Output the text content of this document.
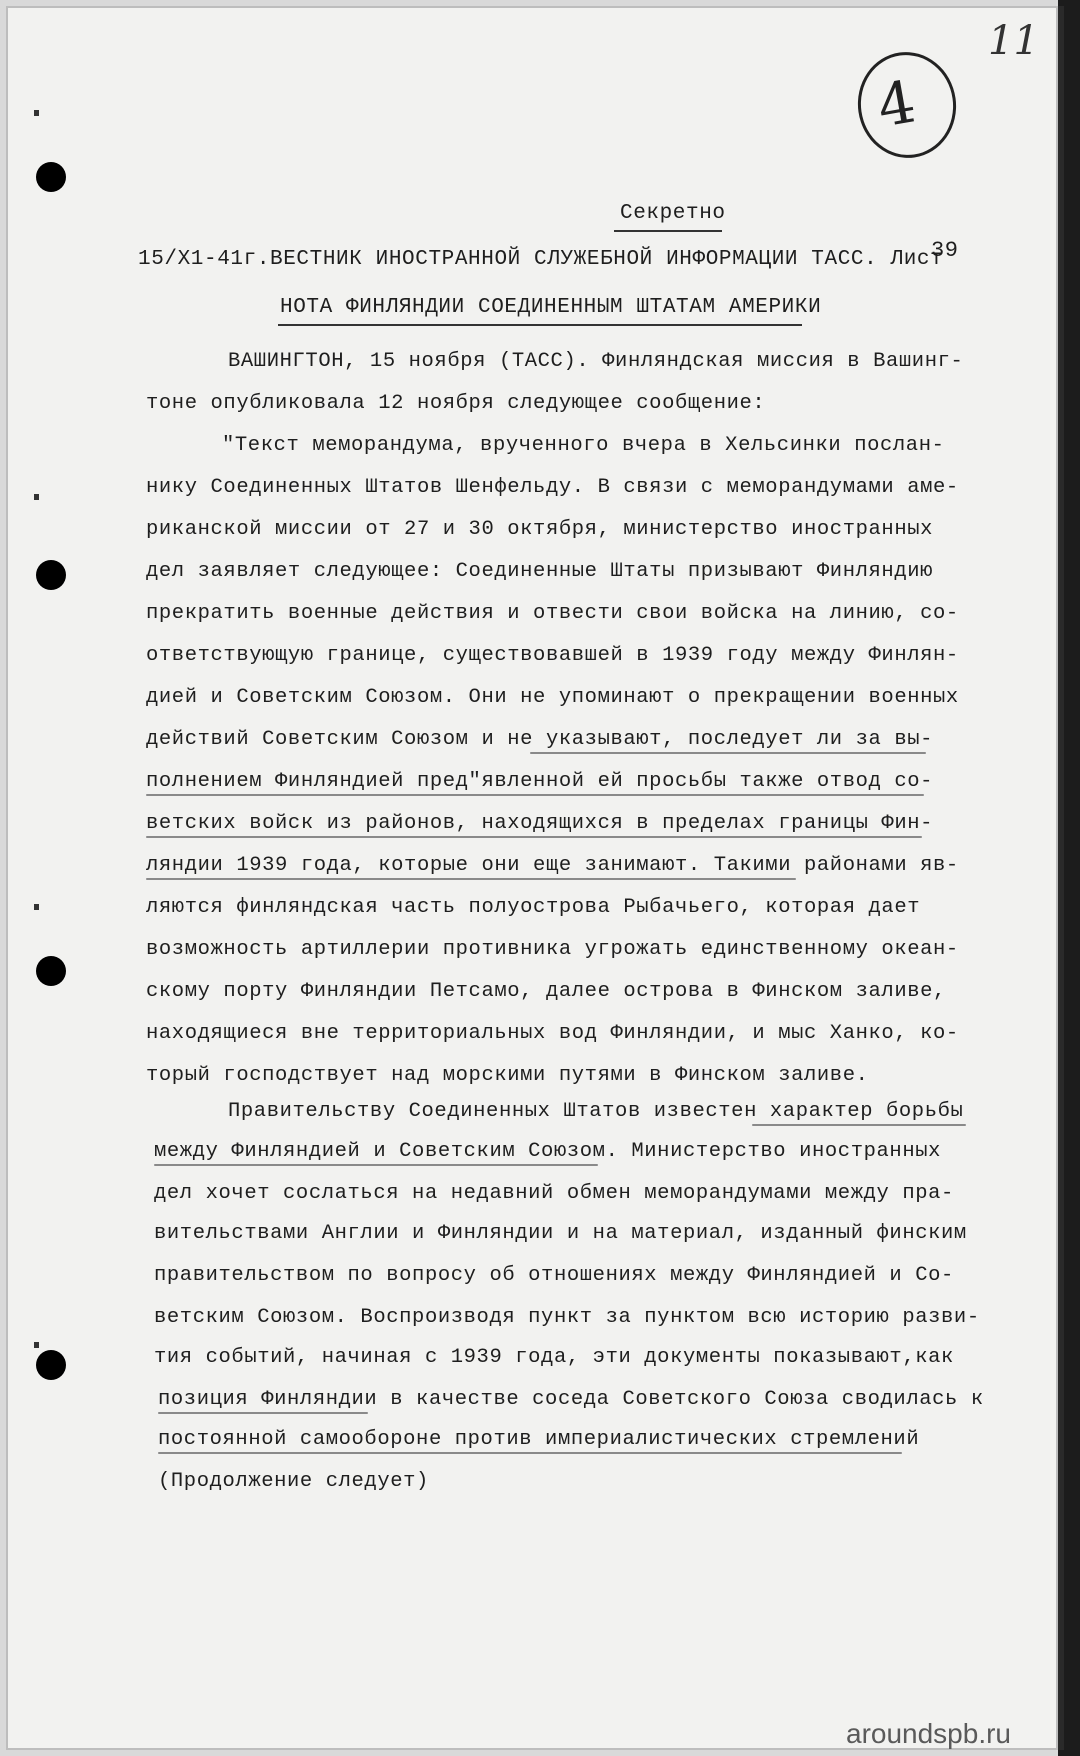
4
11
Секретно
15/Х1-41г.ВЕСТНИК ИНОСТРАННОЙ СЛУЖЕБНОЙ ИНФОРМАЦИИ ТАСС. Лист
39
НОТА ФИНЛЯНДИИ СОЕДИНЕННЫМ ШТАТАМ АМЕРИКИ
ВАШИНГТОН, 15 ноября (ТАСС). Финляндская миссия в Вашинг-
тоне опубликовала 12 ноября следующее сообщение:
"Текст меморандума, врученного вчера в Хельсинки послан-
нику Соединенных Штатов Шенфельду. В связи с меморандумами аме-
риканской миссии от 27 и 30 октября, министерство иностранных
дел заявляет следующее: Соединенные Штаты призывают Финляндию
прекратить военные действия и отвести свои войска на линию, со-
ответствующую границе, существовавшей в 1939 году между Финлян-
дией и Советским Союзом. Они не упоминают о прекращении военных
действий Советским Союзом и не указывают, последует ли за вы-
полнением Финляндией пред"явленной ей просьбы также отвод со-
ветских войск из районов, находящихся в пределах границы Фин-
ляндии 1939 года, которые они еще занимают. Такими районами яв-
ляются финляндская часть полуострова Рыбачьего, которая дает
возможность артиллерии противника угрожать единственному океан-
скому порту Финляндии Петсамо, далее острова в Финском заливе,
находящиеся вне территориальных вод Финляндии, и мыс Ханко, ко-
торый господствует над морскими путями в Финском заливе.
Правительству Соединенных Штатов известен характер борьбы
между Финляндией и Советским Союзом. Министерство иностранных
дел хочет сослаться на недавний обмен меморандумами между пра-
вительствами Англии и Финляндии и на материал, изданный финским
правительством по вопросу об отношениях между Финляндией и Со-
ветским Союзом. Воспроизводя пункт за пунктом всю историю разви-
тия событий, начиная с 1939 года, эти документы показывают,как
позиция Финляндии в качестве соседа Советского Союза сводилась к
постоянной самообороне против империалистических стремлений
(Продолжение следует)
aroundspb.ru
